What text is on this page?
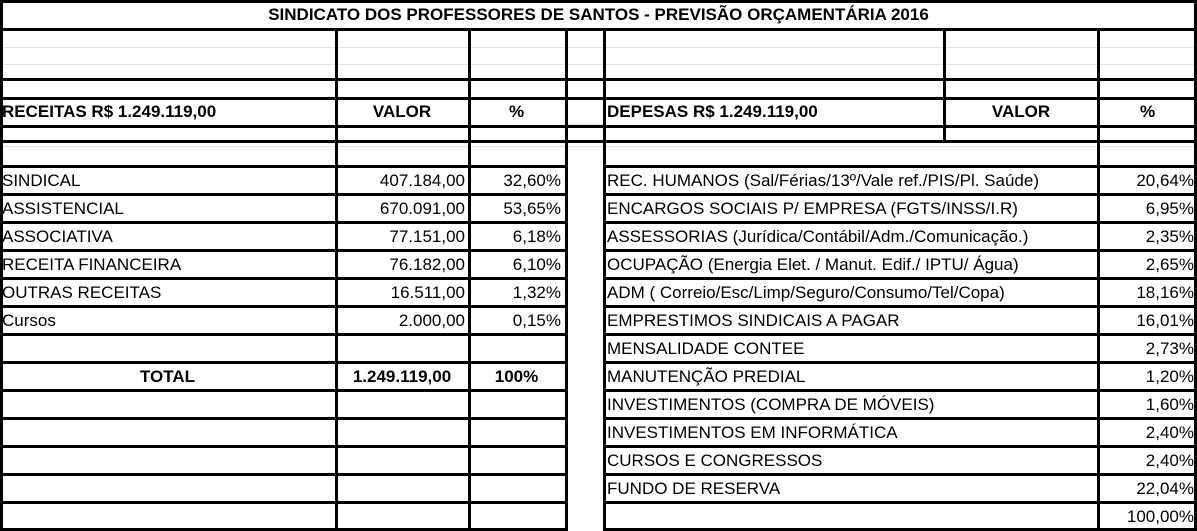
SINDICATO DOS PROFESSORES DE SANTOS - PREVISÃO ORÇAMENTÁRIA 2016
RECEITAS R$ 1.249.119,00	VALOR	%	DEPESAS R$ 1.249.119,00	VALOR	%
SINDICAL	407.184,00	32,60%
ASSISTENCIAL	670.091,00	53,65%
ASSOCIATIVA	77.151,00	6,18%
RECEITA FINANCEIRA	76.182,00	6,10%
OUTRAS RECEITAS	16.511,00	1,32%
Cursos	2.000,00	0,15%
TOTAL	1.249.119,00	100%
REC. HUMANOS (Sal/Férias/13º/Vale ref./PIS/Pl. Saúde)	20,64%
ENCARGOS SOCIAIS P/ EMPRESA (FGTS/INSS/I.R)	6,95%
ASSESSORIAS (Jurídica/Contábil/Adm./Comunicação.)	2,35%
OCUPAÇÃO (Energia Elet. / Manut. Edif./ IPTU/ Água)	2,65%
ADM ( Correio/Esc/Limp/Seguro/Consumo/Tel/Copa)	18,16%
EMPRESTIMOS SINDICAIS A PAGAR	16,01%
MENSALIDADE CONTEE	2,73%
MANUTENÇÃO PREDIAL	1,20%
INVESTIMENTOS (COMPRA DE MÓVEIS)	1,60%
INVESTIMENTOS EM INFORMÁTICA	2,40%
CURSOS E CONGRESSOS	2,40%
FUNDO DE RESERVA	22,04%
100,00%
